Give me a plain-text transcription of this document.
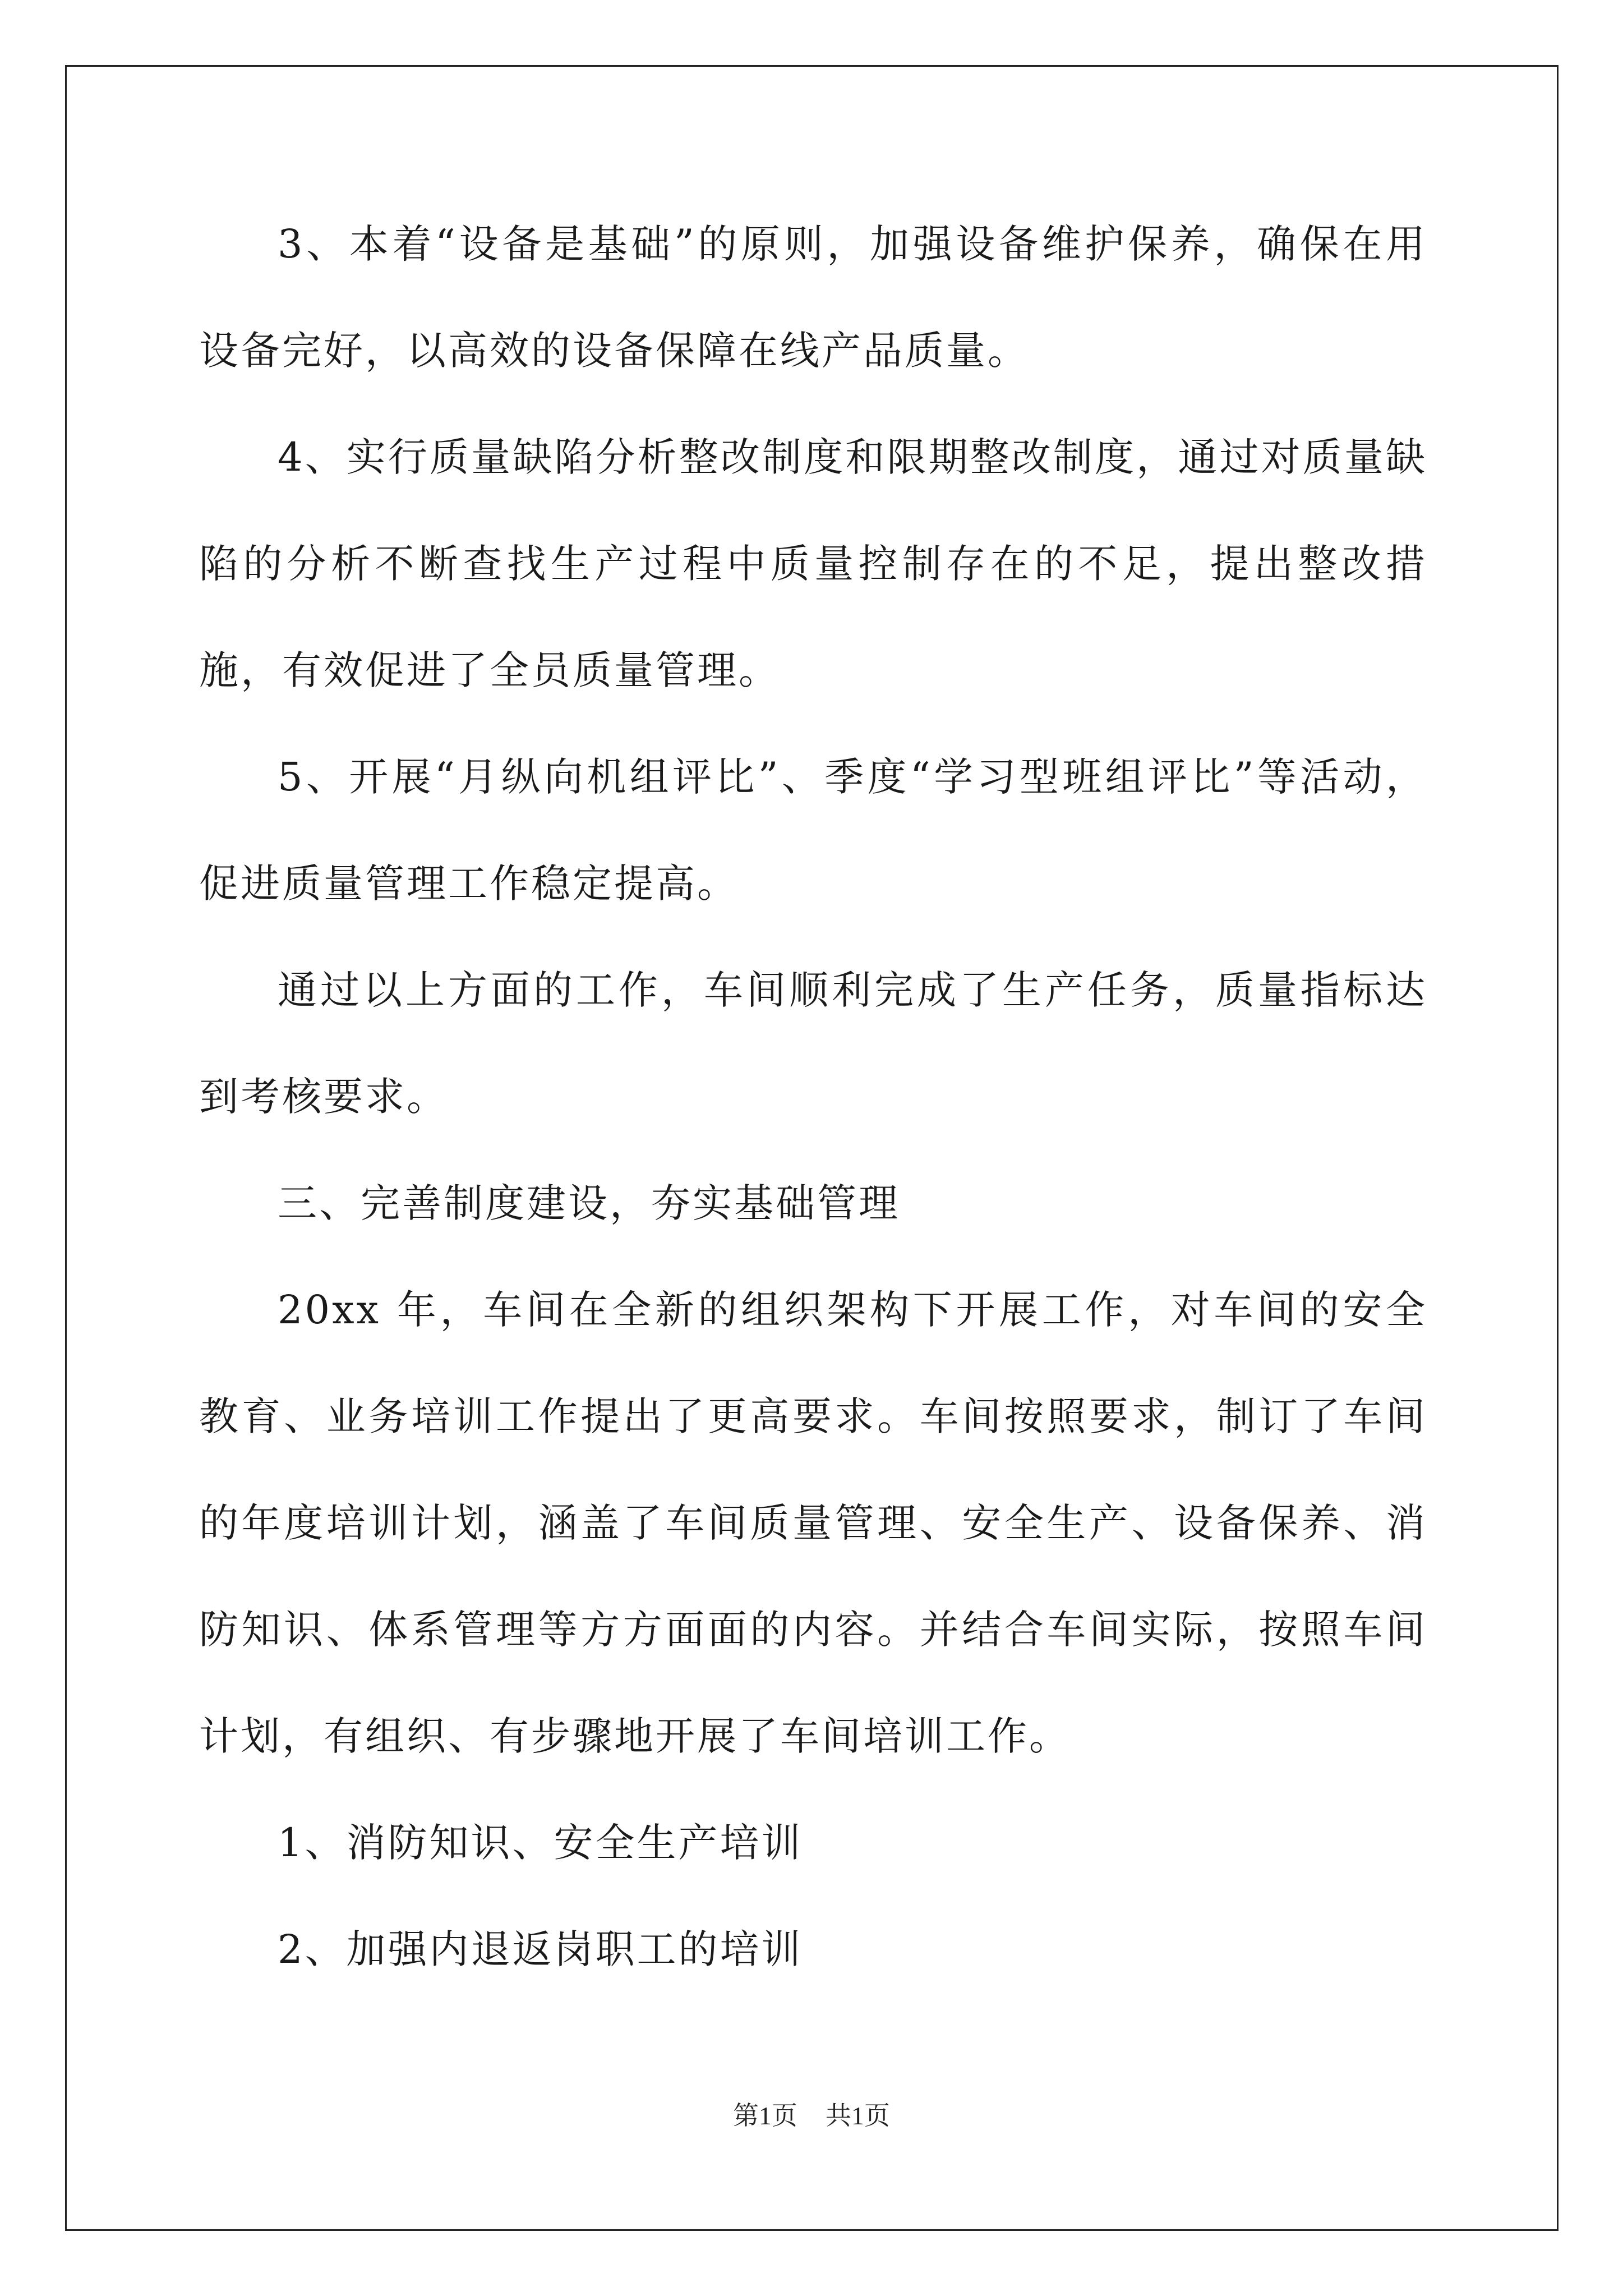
3、本着“设备是基础”的原则，加强设备维护保养，确保在用设备完好，以高效的设备保障在线产品质量。

4、实行质量缺陷分析整改制度和限期整改制度，通过对质量缺陷的分析不断查找生产过程中质量控制存在的不足，提出整改措施，有效促进了全员质量管理。

5、开展“月纵向机组评比”、季度“学习型班组评比”等活动，促进质量管理工作稳定提高。

通过以上方面的工作，车间顺利完成了生产任务，质量指标达到考核要求。

三、完善制度建设，夯实基础管理

20xx 年，车间在全新的组织架构下开展工作，对车间的安全教育、业务培训工作提出了更高要求。车间按照要求，制订了车间的年度培训计划，涵盖了车间质量管理、安全生产、设备保养、消防知识、体系管理等方方面面的内容。并结合车间实际，按照车间计划，有组织、有步骤地开展了车间培训工作。

1、消防知识、安全生产培训

2、加强内退返岗职工的培训

第1页 共1页
